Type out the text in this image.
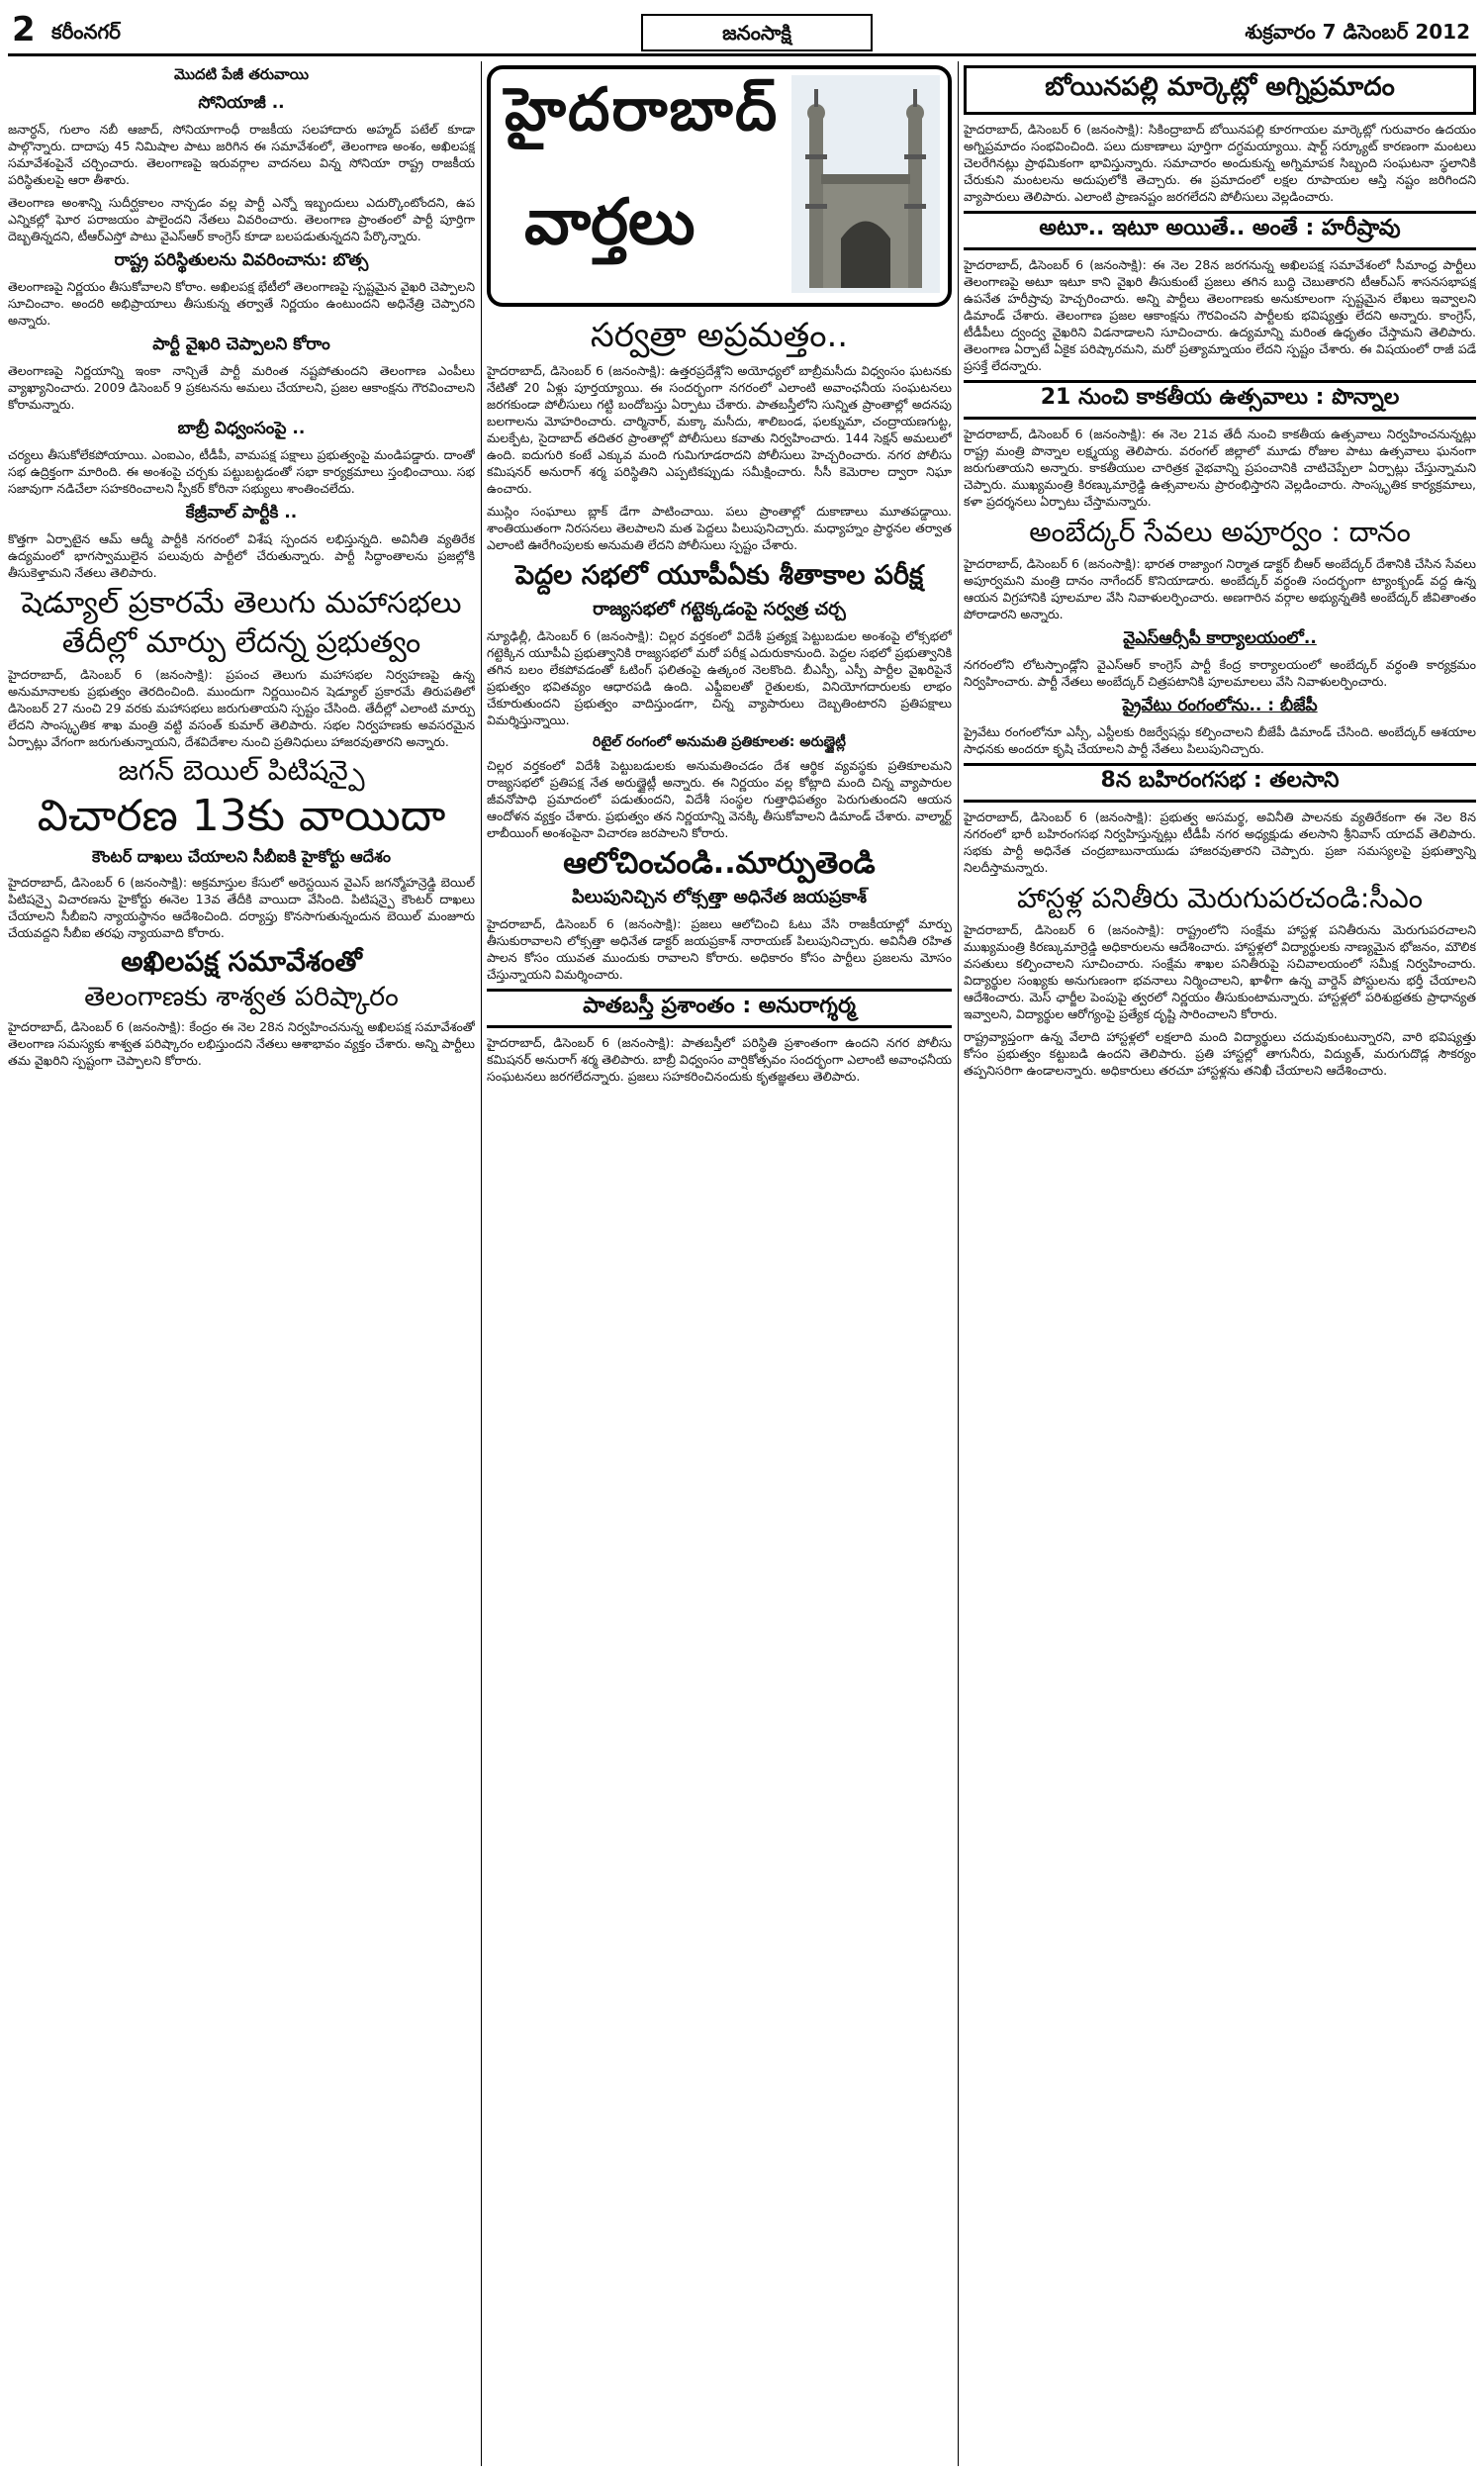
2 కరీంనగర్	జనంసాక్షి	శుక్రవారం 7 డిసెంబర్ 2012
మొదటి పేజీ తరువాయి
సోనియాజీ ..

జనార్ధన్, గులాం నబీ ఆజాద్, సోనియాగాంధీ రాజకీయ సలహాదారు అహ్మద్ పటేల్ కూడా పాల్గొన్నారు. దాదాపు 45 నిమిషాల పాటు జరిగిన ఈ సమావేశంలో, తెలంగాణ అంశం, అఖిలపక్ష సమావేశంపైనే చర్చించారు. తెలంగాణపై ఇరువర్గాల వాదనలు విన్న సోనియా రాష్ట్ర రాజకీయ పరిస్థితులపై ఆరా తీశారు.

తెలంగాణ అంశాన్ని సుదీర్ఘకాలం నాన్చడం వల్ల పార్టీ ఎన్నో ఇబ్బందులు ఎదుర్కొంటోందని, ఉప ఎన్నికల్లో ఘోర పరాజయం పాలైందని నేతలు వివరించారు. తెలంగాణ ప్రాంతంలో పార్టీ పూర్తిగా దెబ్బతిన్నదని, టీఆర్ఎస్తో పాటు వైఎస్ఆర్ కాంగ్రెస్ కూడా బలపడుతున్నదని పేర్కొన్నారు.

రాష్ట్ర పరిస్థితులను వివరించాను: బొత్స

తెలంగాణపై నిర్ణయం తీసుకోవాలని కోరాం. అఖిలపక్ష భేటీలో తెలంగాణపై స్పష్టమైన వైఖరి చెప్పాలని సూచించాం. అందరి అభిప్రాయాలు తీసుకున్న తర్వాతే నిర్ణయం ఉంటుందని అధినేత్రి చెప్పారని అన్నారు.

పార్టీ వైఖరి చెప్పాలని కోరాం

తెలంగాణపై నిర్ణయాన్ని ఇంకా నాన్చితే పార్టీ మరింత నష్టపోతుందని తెలంగాణ ఎంపీలు వ్యాఖ్యానించారు. 2009 డిసెంబర్ 9 ప్రకటనను అమలు చేయాలని, ప్రజల ఆకాంక్షను గౌరవించాలని కోరామన్నారు.

బాబ్రీ విధ్వంసంపై ..

చర్యలు తీసుకోలేకపోయాయి. ఎంఐఎం, టీడీపీ, వామపక్ష పక్షాలు ప్రభుత్వంపై మండిపడ్డారు. దాంతో సభ ఉద్రిక్తంగా మారింది. ఈ అంశంపై చర్చకు పట్టుబట్టడంతో సభా కార్యక్రమాలు స్తంభించాయి. సభ సజావుగా నడిచేలా సహకరించాలని స్పీకర్ కోరినా సభ్యులు శాంతించలేదు.

కేజ్రీవాల్ పార్టీకి ..

కొత్తగా ఏర్పాటైన ఆమ్ ఆద్మీ పార్టీకి నగరంలో విశేష స్పందన లభిస్తున్నది. అవినీతి వ్యతిరేక ఉద్యమంలో భాగస్వాములైన పలువురు పార్టీలో చేరుతున్నారు. పార్టీ సిద్ధాంతాలను ప్రజల్లోకి తీసుకెళ్తామని నేతలు తెలిపారు.

షెడ్యూల్ ప్రకారమే తెలుగు మహాసభలు
తేదీల్లో మార్పు లేదన్న ప్రభుత్వం

హైదరాబాద్, డిసెంబర్ 6 (జనంసాక్షి): ప్రపంచ తెలుగు మహాసభల నిర్వహణపై ఉన్న అనుమానాలకు ప్రభుత్వం తెరదించింది. ముందుగా నిర్ణయించిన షెడ్యూల్ ప్రకారమే తిరుపతిలో డిసెంబర్ 27 నుంచి 29 వరకు మహాసభలు జరుగుతాయని స్పష్టం చేసింది. తేదీల్లో ఎలాంటి మార్పు లేదని సాంస్కృతిక శాఖ మంత్రి వట్టి వసంత్ కుమార్ తెలిపారు. సభల నిర్వహణకు అవసరమైన ఏర్పాట్లు వేగంగా జరుగుతున్నాయని, దేశవిదేశాల నుంచి ప్రతినిధులు హాజరవుతారని అన్నారు.

జగన్ బెయిల్ పిటిషన్పై
విచారణ 13కు వాయిదా
కౌంటర్ దాఖలు చేయాలని సీబీఐకి హైకోర్టు ఆదేశం

హైదరాబాద్, డిసెంబర్ 6 (జనంసాక్షి): అక్రమాస్తుల కేసులో అరెస్టయిన వైఎస్ జగన్మోహన్రెడ్డి బెయిల్ పిటిషన్పై విచారణను హైకోర్టు ఈనెల 13వ తేదీకి వాయిదా వేసింది. పిటిషన్పై కౌంటర్ దాఖలు చేయాలని సీబీఐని న్యాయస్థానం ఆదేశించింది. దర్యాప్తు కొనసాగుతున్నందున బెయిల్ మంజూరు చేయవద్దని సీబీఐ తరఫు న్యాయవాది కోరారు.

అఖిలపక్ష సమావేశంతో
తెలంగాణకు శాశ్వత పరిష్కారం

హైదరాబాద్, డిసెంబర్ 6 (జనంసాక్షి): కేంద్రం ఈ నెల 28న నిర్వహించనున్న అఖిలపక్ష సమావేశంతో తెలంగాణ సమస్యకు శాశ్వత పరిష్కారం లభిస్తుందని నేతలు ఆశాభావం వ్యక్తం చేశారు. అన్ని పార్టీలు తమ వైఖరిని స్పష్టంగా చెప్పాలని కోరారు.

హైదరాబాద్
వార్తలు
సర్వత్రా అప్రమత్తం..

హైదరాబాద్, డిసెంబర్ 6 (జనంసాక్షి): ఉత్తరప్రదేశ్లోని అయోధ్యలో బాబ్రీమసీదు విధ్వంసం ఘటనకు నేటితో 20 ఏళ్లు పూర్తయ్యాయి. ఈ సందర్భంగా నగరంలో ఎలాంటి అవాంఛనీయ సంఘటనలు జరగకుండా పోలీసులు గట్టి బందోబస్తు ఏర్పాటు చేశారు. పాతబస్తీలోని సున్నిత ప్రాంతాల్లో అదనపు బలగాలను మోహరించారు. చార్మినార్, మక్కా మసీదు, శాలిబండ, ఫలక్నుమా, చంద్రాయణగుట్ట, మలక్పేట, సైదాబాద్ తదితర ప్రాంతాల్లో పోలీసులు కవాతు నిర్వహించారు. 144 సెక్షన్ అమలులో ఉంది. ఐదుగురి కంటే ఎక్కువ మంది గుమిగూడరాదని పోలీసులు హెచ్చరించారు. నగర పోలీసు కమిషనర్ అనురాగ్ శర్మ పరిస్థితిని ఎప్పటికప్పుడు సమీక్షించారు. సీసీ కెమెరాల ద్వారా నిఘా ఉంచారు.

ముస్లిం సంఘాలు బ్లాక్ డేగా పాటించాయి. పలు ప్రాంతాల్లో దుకాణాలు మూతపడ్డాయి. శాంతియుతంగా నిరసనలు తెలపాలని మత పెద్దలు పిలుపునిచ్చారు. మధ్యాహ్నం ప్రార్థనల తర్వాత ఎలాంటి ఊరేగింపులకు అనుమతి లేదని పోలీసులు స్పష్టం చేశారు.

పెద్దల సభలో యూపీఏకు శీతాకాల పరీక్ష
రాజ్యసభలో గట్టెక్కడంపై సర్వత్ర చర్చ

న్యూఢిల్లీ, డిసెంబర్ 6 (జనంసాక్షి): చిల్లర వర్తకంలో విదేశీ ప్రత్యక్ష పెట్టుబడుల అంశంపై లోక్సభలో గట్టెక్కిన యూపీఏ ప్రభుత్వానికి రాజ్యసభలో మరో పరీక్ష ఎదురుకానుంది. పెద్దల సభలో ప్రభుత్వానికి తగిన బలం లేకపోవడంతో ఓటింగ్ ఫలితంపై ఉత్కంఠ నెలకొంది. బీఎస్పీ, ఎస్పీ పార్టీల వైఖరిపైనే ప్రభుత్వం భవితవ్యం ఆధారపడి ఉంది. ఎఫ్డీఐలతో రైతులకు, వినియోగదారులకు లాభం చేకూరుతుందని ప్రభుత్వం వాదిస్తుండగా, చిన్న వ్యాపారులు దెబ్బతింటారని ప్రతిపక్షాలు విమర్శిస్తున్నాయి.

రిటైల్ రంగంలో అనుమతి ప్రతికూలత: అరుణ్జైట్లీ

చిల్లర వర్తకంలో విదేశీ పెట్టుబడులకు అనుమతించడం దేశ ఆర్థిక వ్యవస్థకు ప్రతికూలమని రాజ్యసభలో ప్రతిపక్ష నేత అరుణ్జైట్లీ అన్నారు. ఈ నిర్ణయం వల్ల కోట్లాది మంది చిన్న వ్యాపారుల జీవనోపాధి ప్రమాదంలో పడుతుందని, విదేశీ సంస్థల గుత్తాధిపత్యం పెరుగుతుందని ఆయన ఆందోళన వ్యక్తం చేశారు. ప్రభుత్వం తన నిర్ణయాన్ని వెనక్కి తీసుకోవాలని డిమాండ్ చేశారు. వాల్మార్ట్ లాబీయింగ్ అంశంపైనా విచారణ జరపాలని కోరారు.

ఆలోచించండి..మార్పుతెండి
పిలుపునిచ్చిన లోక్సత్తా అధినేత జయప్రకాశ్

హైదరాబాద్, డిసెంబర్ 6 (జనంసాక్షి): ప్రజలు ఆలోచించి ఓటు వేసి రాజకీయాల్లో మార్పు తీసుకురావాలని లోక్సత్తా అధినేత డాక్టర్ జయప్రకాశ్ నారాయణ్ పిలుపునిచ్చారు. అవినీతి రహిత పాలన కోసం యువత ముందుకు రావాలని కోరారు. అధికారం కోసం పార్టీలు ప్రజలను మోసం చేస్తున్నాయని విమర్శించారు.

పాతబస్తీ ప్రశాంతం : అనురాగ్శర్మ

హైదరాబాద్, డిసెంబర్ 6 (జనంసాక్షి): పాతబస్తీలో పరిస్థితి ప్రశాంతంగా ఉందని నగర పోలీసు కమిషనర్ అనురాగ్ శర్మ తెలిపారు. బాబ్రీ విధ్వంసం వార్షికోత్సవం సందర్భంగా ఎలాంటి అవాంఛనీయ సంఘటనలు జరగలేదన్నారు. ప్రజలు సహకరించినందుకు కృతజ్ఞతలు తెలిపారు.

బోయినపల్లి మార్కెట్లో అగ్నిప్రమాదం

హైదరాబాద్, డిసెంబర్ 6 (జనంసాక్షి): సికింద్రాబాద్ బోయినపల్లి కూరగాయల మార్కెట్లో గురువారం ఉదయం అగ్నిప్రమాదం సంభవించింది. పలు దుకాణాలు పూర్తిగా దగ్ధమయ్యాయి. షార్ట్ సర్క్యూట్ కారణంగా మంటలు చెలరేగినట్లు ప్రాథమికంగా భావిస్తున్నారు. సమాచారం అందుకున్న అగ్నిమాపక సిబ్బంది సంఘటనా స్థలానికి చేరుకుని మంటలను అదుపులోకి తెచ్చారు. ఈ ప్రమాదంలో లక్షల రూపాయల ఆస్తి నష్టం జరిగిందని వ్యాపారులు తెలిపారు. ఎలాంటి ప్రాణనష్టం జరగలేదని పోలీసులు వెల్లడించారు.

అటూ.. ఇటూ అయితే.. అంతే : హరీష్రావు

హైదరాబాద్, డిసెంబర్ 6 (జనంసాక్షి): ఈ నెల 28న జరగనున్న అఖిలపక్ష సమావేశంలో సీమాంధ్ర పార్టీలు తెలంగాణపై అటూ ఇటూ కాని వైఖరి తీసుకుంటే ప్రజలు తగిన బుద్ధి చెబుతారని టీఆర్ఎస్ శాసనసభాపక్ష ఉపనేత హరీష్రావు హెచ్చరించారు. అన్ని పార్టీలు తెలంగాణకు అనుకూలంగా స్పష్టమైన లేఖలు ఇవ్వాలని డిమాండ్ చేశారు. తెలంగాణ ప్రజల ఆకాంక్షను గౌరవించని పార్టీలకు భవిష్యత్తు లేదని అన్నారు. కాంగ్రెస్, టీడీపీలు ద్వంద్వ వైఖరిని విడనాడాలని సూచించారు. ఉద్యమాన్ని మరింత ఉధృతం చేస్తామని తెలిపారు. తెలంగాణ ఏర్పాటే ఏకైక పరిష్కారమని, మరో ప్రత్యామ్నాయం లేదని స్పష్టం చేశారు. ఈ విషయంలో రాజీ పడే ప్రసక్తే లేదన్నారు.

21 నుంచి కాకతీయ ఉత్సవాలు : పొన్నాల

హైదరాబాద్, డిసెంబర్ 6 (జనంసాక్షి): ఈ నెల 21వ తేదీ నుంచి కాకతీయ ఉత్సవాలు నిర్వహించనున్నట్లు రాష్ట్ర మంత్రి పొన్నాల లక్ష్మయ్య తెలిపారు. వరంగల్ జిల్లాలో మూడు రోజుల పాటు ఉత్సవాలు ఘనంగా జరుగుతాయని అన్నారు. కాకతీయుల చారిత్రక వైభవాన్ని ప్రపంచానికి చాటిచెప్పేలా ఏర్పాట్లు చేస్తున్నామని చెప్పారు. ముఖ్యమంత్రి కిరణ్కుమార్రెడ్డి ఉత్సవాలను ప్రారంభిస్తారని వెల్లడించారు. సాంస్కృతిక కార్యక్రమాలు, కళా ప్రదర్శనలు ఏర్పాటు చేస్తామన్నారు.

అంబేద్కర్ సేవలు అపూర్వం : దానం

హైదరాబాద్, డిసెంబర్ 6 (జనంసాక్షి): భారత రాజ్యాంగ నిర్మాత డాక్టర్ బీఆర్ అంబేద్కర్ దేశానికి చేసిన సేవలు అపూర్వమని మంత్రి దానం నాగేందర్ కొనియాడారు. అంబేద్కర్ వర్ధంతి సందర్భంగా ట్యాంక్బండ్ వద్ద ఉన్న ఆయన విగ్రహానికి పూలమాల వేసి నివాళులర్పించారు. అణగారిన వర్గాల అభ్యున్నతికి అంబేద్కర్ జీవితాంతం పోరాడారని అన్నారు.

వైఎస్ఆర్సీపీ కార్యాలయంలో..

నగరంలోని లోటస్పాండ్లోని వైఎస్ఆర్ కాంగ్రెస్ పార్టీ కేంద్ర కార్యాలయంలో అంబేద్కర్ వర్ధంతి కార్యక్రమం నిర్వహించారు. పార్టీ నేతలు అంబేద్కర్ చిత్రపటానికి పూలమాలలు వేసి నివాళులర్పించారు.

ప్రైవేటు రంగంలోను.. : బీజేపీ

ప్రైవేటు రంగంలోనూ ఎస్సీ, ఎస్టీలకు రిజర్వేషన్లు కల్పించాలని బీజేపీ డిమాండ్ చేసింది. అంబేద్కర్ ఆశయాల సాధనకు అందరూ కృషి చేయాలని పార్టీ నేతలు పిలుపునిచ్చారు.

8న బహిరంగసభ : తలసాని

హైదరాబాద్, డిసెంబర్ 6 (జనంసాక్షి): ప్రభుత్వ అసమర్థ, అవినీతి పాలనకు వ్యతిరేకంగా ఈ నెల 8న నగరంలో భారీ బహిరంగసభ నిర్వహిస్తున్నట్లు టీడీపీ నగర అధ్యక్షుడు తలసాని శ్రీనివాస్ యాదవ్ తెలిపారు. సభకు పార్టీ అధినేత చంద్రబాబునాయుడు హాజరవుతారని చెప్పారు. ప్రజా సమస్యలపై ప్రభుత్వాన్ని నిలదీస్తామన్నారు.

హాస్టళ్ల పనితీరు మెరుగుపరచండి:సీఎం

హైదరాబాద్, డిసెంబర్ 6 (జనంసాక్షి): రాష్ట్రంలోని సంక్షేమ హాస్టళ్ల పనితీరును మెరుగుపరచాలని ముఖ్యమంత్రి కిరణ్కుమార్రెడ్డి అధికారులను ఆదేశించారు. హాస్టళ్లలో విద్యార్థులకు నాణ్యమైన భోజనం, మౌలిక వసతులు కల్పించాలని సూచించారు. సంక్షేమ శాఖల పనితీరుపై సచివాలయంలో సమీక్ష నిర్వహించారు. విద్యార్థుల సంఖ్యకు అనుగుణంగా భవనాలు నిర్మించాలని, ఖాళీగా ఉన్న వార్డెన్ పోస్టులను భర్తీ చేయాలని ఆదేశించారు. మెస్ ఛార్జీల పెంపుపై త్వరలో నిర్ణయం తీసుకుంటామన్నారు. హాస్టళ్లలో పరిశుభ్రతకు ప్రాధాన్యత ఇవ్వాలని, విద్యార్థుల ఆరోగ్యంపై ప్రత్యేక దృష్టి సారించాలని కోరారు.

రాష్ట్రవ్యాప్తంగా ఉన్న వేలాది హాస్టళ్లలో లక్షలాది మంది విద్యార్థులు చదువుకుంటున్నారని, వారి భవిష్యత్తు కోసం ప్రభుత్వం కట్టుబడి ఉందని తెలిపారు. ప్రతి హాస్టల్లో తాగునీరు, విద్యుత్, మరుగుదొడ్ల సౌకర్యం తప్పనిసరిగా ఉండాలన్నారు. అధికారులు తరచూ హాస్టళ్లను తనిఖీ చేయాలని ఆదేశించారు.
